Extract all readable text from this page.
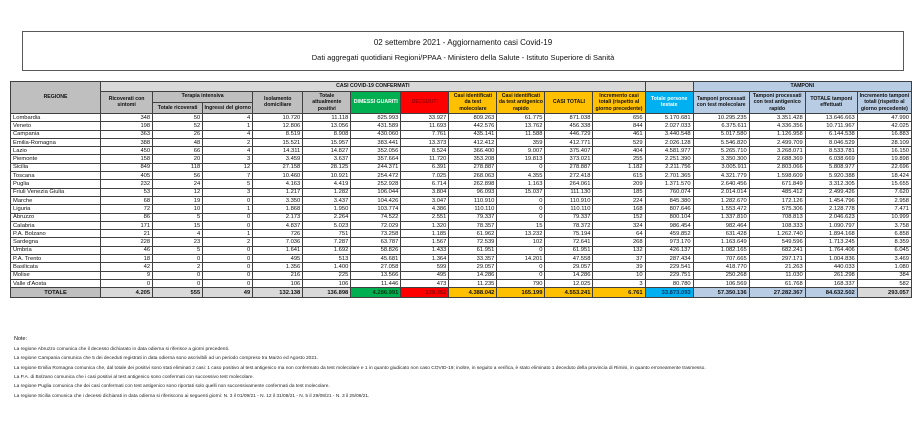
02 settembre 2021 - Aggiornamento casi Covid-19
Dati aggregati quotidiani Regioni/PPAA - Ministero della Salute - Istituto Superiore di Sanità
REGIONE	CASI COVID-19 CONFERMATI												TAMPONI			
	Ricoverati con sintomi	Terapia intensiva		Isolamento domiciliare	Totale attualmente positivi	DIMESSI GUARITI	DECEDUTI	Casi identificati da test molecolare	Casi identificati da test antigenico rapido	CASI TOTALI	Incremento casi totali (rispetto al giorno precedente)	Totale persone testate	Tamponi processati con test molecolare	Tamponi processati con test antigenico rapido	TOTALE tamponi effettuati	Incremento tamponi totali (rispetto al giorno precedente)
		Totale ricoverati	Ingressi del giorno													
Lombardia	348	50	4	10.720	11.118	825.993	33.927	809.263	61.775	871.038	656	5.170.681	10.295.235	3.351.428	13.646.663	47.990
Veneto	198	52	1	12.806	13.056	431.589	11.693	442.576	13.762	456.338	844	2.027.033	6.375.611	4.336.356	10.711.967	42.025
Campania	363	26	4	8.519	8.908	430.060	7.761	435.141	11.588	446.729	461	3.440.548	5.017.580	1.126.958	6.144.538	16.883
Emilia-Romagna	388	48	2	15.521	15.957	383.441	13.373	412.412	359	412.771	529	2.026.128	5.546.820	2.499.709	8.046.529	28.109
Lazio	450	66	4	14.311	14.827	352.056	8.524	366.400	9.007	375.407	404	4.581.977	5.265.710	3.268.071	8.533.781	16.150
Piemonte	158	20	3	3.459	3.637	357.664	11.720	353.208	19.813	373.021	255	2.251.390	3.350.300	2.688.369	6.038.669	19.898
Sicilia	849	118	12	27.158	28.125	244.371	6.391	278.887	0	278.887	1.182	2.211.756	3.005.911	2.803.066	5.808.977	22.696
Toscana	405	56	7	10.460	10.921	254.472	7.025	268.063	4.355	272.418	615	2.701.365	4.321.779	1.598.609	5.920.388	18.424
Puglia	232	24	5	4.163	4.419	252.928	6.714	262.898	1.163	264.061	209	1.371.570	2.640.456	671.849	3.312.305	15.655
Friuli Venezia Giulia	53	12	3	1.217	1.282	106.044	3.804	96.093	15.037	111.130	185	760.074	2.014.014	485.412	2.499.426	7.620
Marche	68	19	0	3.350	3.437	104.426	3.047	110.910	0	110.910	224	845.380	1.282.670	172.126	1.454.796	2.958
Liguria	72	10	1	1.868	1.950	103.774	4.386	110.110	0	110.110	168	807.646	1.553.472	575.306	2.128.778	7.471
Abruzzo	86	5	0	2.173	2.264	74.522	2.551	79.337	0	79.337	152	800.104	1.337.810	708.813	2.046.623	10.999
Calabria	171	15	0	4.837	5.023	72.029	1.320	78.357	15	78.372	324	986.454	982.464	108.333	1.090.797	3.758
P.A. Bolzano	21	4	1	726	751	73.258	1.185	61.962	13.232	75.194	64	459.852	631.428	1.262.740	1.894.168	6.858
Sardegna	228	23	2	7.036	7.287	63.787	1.567	72.539	102	72.641	268	973.170	1.163.649	549.596	1.713.245	8.359
Umbria	46	5	0	1.641	1.692	58.826	1.433	61.951	0	61.951	132	426.137	1.082.165	682.241	1.764.406	6.045
P.A. Trento	18	0	0	495	513	45.681	1.364	33.357	14.201	47.558	37	287.434	707.665	297.171	1.004.836	3.469
Basilicata	42	2	0	1.356	1.400	27.058	599	29.057	0	29.057	39	229.541	418.770	21.263	440.033	1.080
Molise	9	0	0	216	225	13.566	495	14.286	0	14.286	10	229.751	250.268	11.030	261.298	384
Valle d'Aosta	0	0	0	106	106	11.446	473	11.235	790	12.025	3	80.780	106.569	61.768	168.337	582
TOTALE	4.205	555	49	132.138	136.898	4.286.991	129.352	4.388.042	165.199	4.553.241	6.761	33.873.093	57.350.136	27.282.367	84.632.502	293.057
Note:
La regione Abruzzo comunica che il decesso dichiarato in data odierna si riferisce a giorni precedenti.
La regione Campania comunica che 5 dei deceduti registrati in data odierna sono ascrivibili ad un periodo compreso tra Marzo ed Agosto 2021.
La regione Emilia Romagna comunica che, dal totale dei positivi sono stati eliminati 2 casi: 1 caso positivo al test antigenico ma non confermato da test molecolare e 1 in quanto giudicato non caso COVID-19; inoltre, in seguito a verifica, è stato eliminato 1 deceduto della provincia di Rimini, in quanto erroneamente trasmesso.
La P.A. di Bolzano comunica che i casi positivi al test antigenico sono confermati con successivo test molecolare.
La regione Puglia comunica che dei casi confermati con test antigenico sono riportati solo quelli non successivamente confermati da test molecolare.
La regione Sicilia comunica che i decessi dichiarati in data odierna si riferiscono ai seguenti giorni: N. 3 il 01/09/21 - N. 12 il 31/08/21 - N. 5 il 29/08/21 - N. 3 il 25/08/21.
